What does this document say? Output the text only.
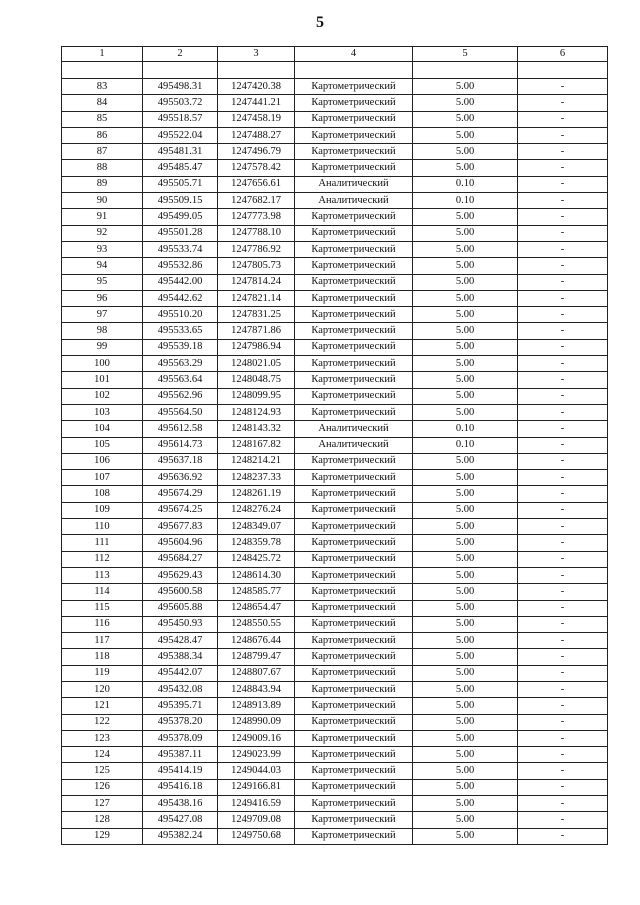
5
1	2	3	4	5	6

83	495498.31	1247420.38	Картометрический	5.00	-
84	495503.72	1247441.21	Картометрический	5.00	-
85	495518.57	1247458.19	Картометрический	5.00	-
86	495522.04	1247488.27	Картометрический	5.00	-
87	495481.31	1247496.79	Картометрический	5.00	-
88	495485.47	1247578.42	Картометрический	5.00	-
89	495505.71	1247656.61	Аналитический	0.10	-
90	495509.15	1247682.17	Аналитический	0.10	-
91	495499.05	1247773.98	Картометрический	5.00	-
92	495501.28	1247788.10	Картометрический	5.00	-
93	495533.74	1247786.92	Картометрический	5.00	-
94	495532.86	1247805.73	Картометрический	5.00	-
95	495442.00	1247814.24	Картометрический	5.00	-
96	495442.62	1247821.14	Картометрический	5.00	-
97	495510.20	1247831.25	Картометрический	5.00	-
98	495533.65	1247871.86	Картометрический	5.00	-
99	495539.18	1247986.94	Картометрический	5.00	-
100	495563.29	1248021.05	Картометрический	5.00	-
101	495563.64	1248048.75	Картометрический	5.00	-
102	495562.96	1248099.95	Картометрический	5.00	-
103	495564.50	1248124.93	Картометрический	5.00	-
104	495612.58	1248143.32	Аналитический	0.10	-
105	495614.73	1248167.82	Аналитический	0.10	-
106	495637.18	1248214.21	Картометрический	5.00	-
107	495636.92	1248237.33	Картометрический	5.00	-
108	495674.29	1248261.19	Картометрический	5.00	-
109	495674.25	1248276.24	Картометрический	5.00	-
110	495677.83	1248349.07	Картометрический	5.00	-
111	495604.96	1248359.78	Картометрический	5.00	-
112	495684.27	1248425.72	Картометрический	5.00	-
113	495629.43	1248614.30	Картометрический	5.00	-
114	495600.58	1248585.77	Картометрический	5.00	-
115	495605.88	1248654.47	Картометрический	5.00	-
116	495450.93	1248550.55	Картометрический	5.00	-
117	495428.47	1248676.44	Картометрический	5.00	-
118	495388.34	1248799.47	Картометрический	5.00	-
119	495442.07	1248807.67	Картометрический	5.00	-
120	495432.08	1248843.94	Картометрический	5.00	-
121	495395.71	1248913.89	Картометрический	5.00	-
122	495378.20	1248990.09	Картометрический	5.00	-
123	495378.09	1249009.16	Картометрический	5.00	-
124	495387.11	1249023.99	Картометрический	5.00	-
125	495414.19	1249044.03	Картометрический	5.00	-
126	495416.18	1249166.81	Картометрический	5.00	-
127	495438.16	1249416.59	Картометрический	5.00	-
128	495427.08	1249709.08	Картометрический	5.00	-
129	495382.24	1249750.68	Картометрический	5.00	-
